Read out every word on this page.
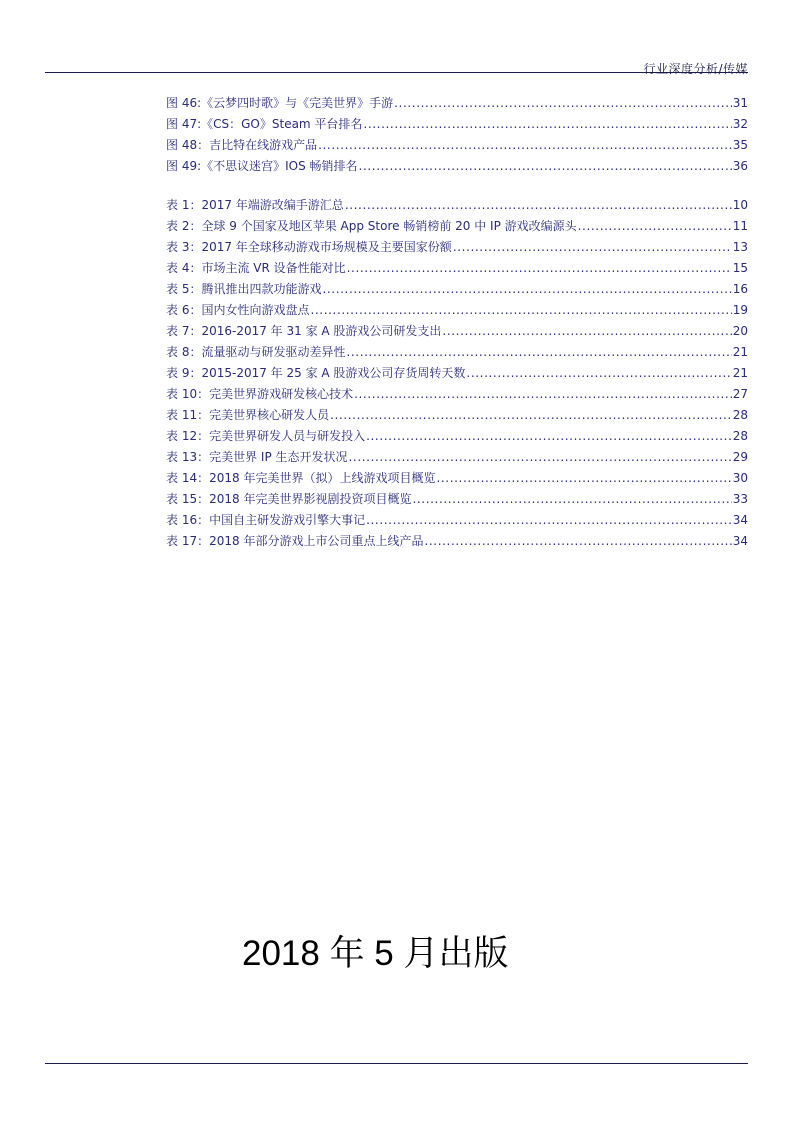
行业深度分析/传媒
图 46:《云梦四时歌》与《完美世界》手游 .....	31
图 47:《CS：GO》Steam 平台排名 .....	32
图 48：吉比特在线游戏产品 .....	35
图 49:《不思议迷宫》IOS 畅销排名 .....	36
表 1：2017 年端游改编手游汇总 .....	10
表 2：全球 9 个国家及地区苹果 App Store 畅销榜前 20 中 IP 游戏改编源头 .....	11
表 3：2017 年全球移动游戏市场规模及主要国家份额 .....	13
表 4：市场主流 VR 设备性能对比 .....	15
表 5：腾讯推出四款功能游戏 .....	16
表 6：国内女性向游戏盘点 .....	19
表 7：2016-2017 年 31 家 A 股游戏公司研发支出 .....	20
表 8：流量驱动与研发驱动差异性 .....	21
表 9：2015-2017 年 25 家 A 股游戏公司存货周转天数 .....	21
表 10：完美世界游戏研发核心技术 .....	27
表 11：完美世界核心研发人员 .....	28
表 12：完美世界研发人员与研发投入 .....	28
表 13：完美世界 IP 生态开发状况 .....	29
表 14：2018 年完美世界（拟）上线游戏项目概览 .....	30
表 15：2018 年完美世界影视剧投资项目概览 .....	33
表 16：中国自主研发游戏引擎大事记 .....	34
表 17：2018 年部分游戏上市公司重点上线产品 .....	34
2018 年 5 月出版
